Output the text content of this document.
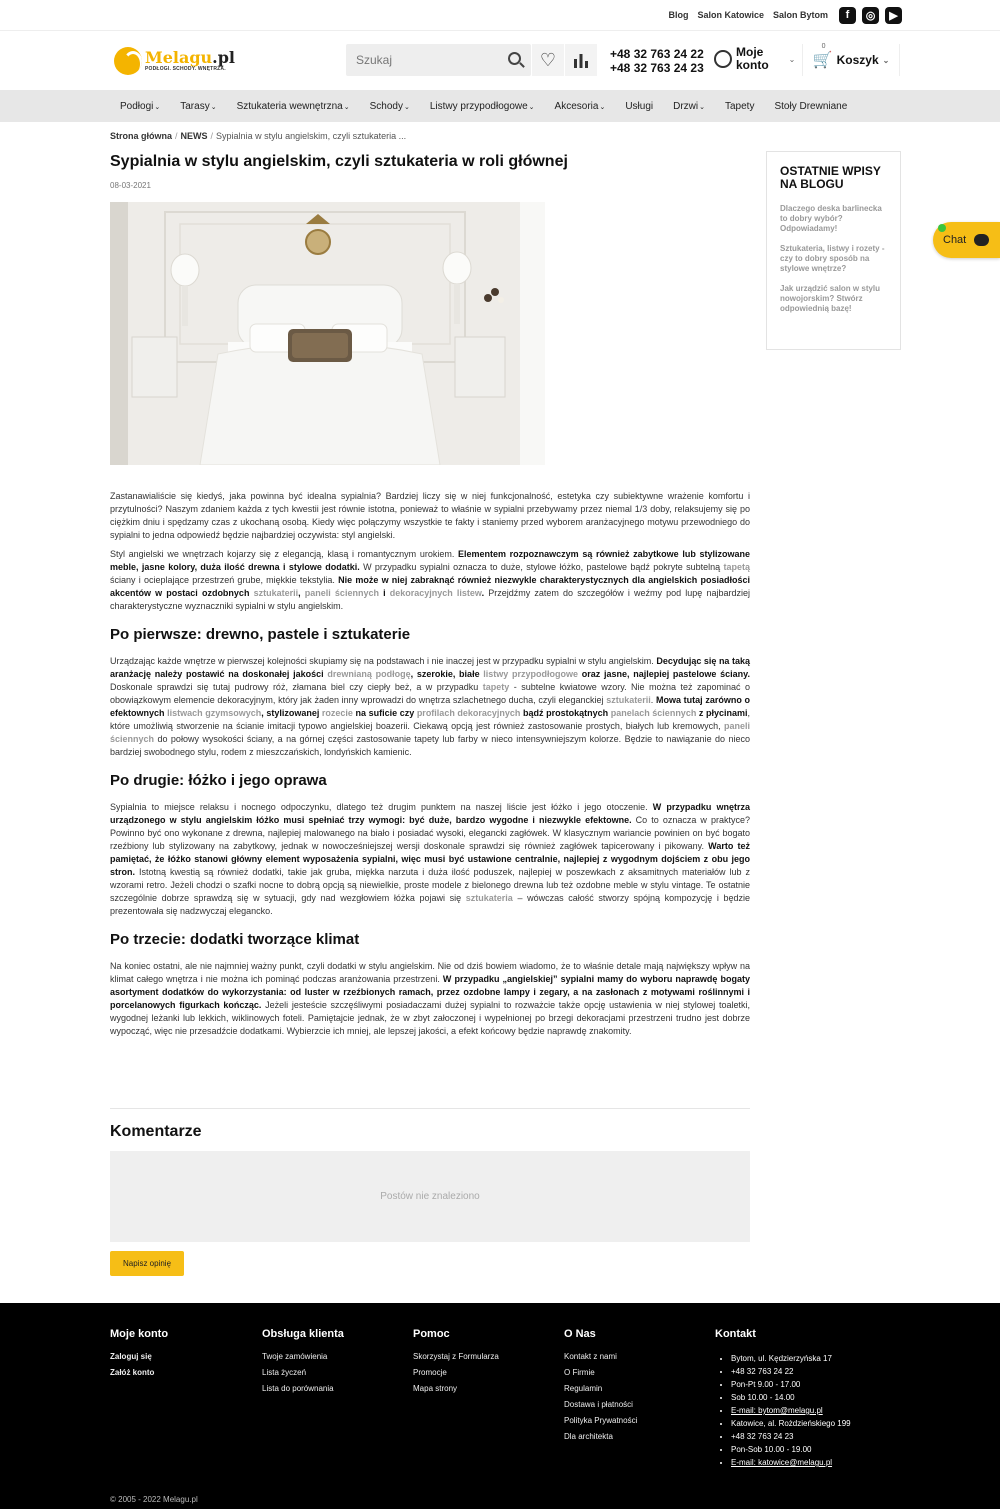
Blog Salon Katowice Salon Bytom	f	◎	▶
Melagu.pl
PODŁOGI. SCHODY. WNĘTRZA.
Szukaj	♡	+48 32 763 24 22
+48 32 763 24 23
Moje
konto	⌄ 🛒
0
Koszyk ⌄
Podłogi⌄ Tarasy⌄ Sztukateria wewnętrzna⌄ Schody⌄ Listwy przypodłogowe⌄ Akcesoria⌄ Usługi Drzwi⌄ Tapety Stoły Drewniane
Strona główna / NEWS / Sypialnia w stylu angielskim, czyli sztukateria ...
Sypialnia w stylu angielskim, czyli sztukateria w roli głównej
08-03-2021

Zastanawialiście się kiedyś, jaka powinna być idealna sypialnia? Bardziej liczy się w niej funkcjonalność, estetyka czy subiektywne wrażenie komfortu i przytulności? Naszym zdaniem każda z tych kwestii jest równie istotna, ponieważ to właśnie w sypialni przebywamy przez niemal 1/3 doby, relaksujemy się po ciężkim dniu i spędzamy czas z ukochaną osobą. Kiedy więc połączymy wszystkie te fakty i staniemy przed wyborem aranżacyjnego motywu przewodniego do sypialni to jedna odpowiedź będzie najbardziej oczywista: styl angielski.

Styl angielski we wnętrzach kojarzy się z elegancją, klasą i romantycznym urokiem. Elementem rozpoznawczym są również zabytkowe lub stylizowane meble, jasne kolory, duża ilość drewna i stylowe dodatki. W przypadku sypialni oznacza to duże, stylowe łóżko, pastelowe bądź pokryte subtelną tapetą ściany i ocieplające przestrzeń grube, miękkie tekstylia. Nie może w niej zabraknąć również niezwykle charakterystycznych dla angielskich posiadłości akcentów w postaci ozdobnych sztukaterii, paneli ściennych i dekoracyjnych listew. Przejdźmy zatem do szczegółów i weźmy pod lupę najbardziej charakterystyczne wyznaczniki sypialni w stylu angielskim.

Po pierwsze: drewno, pastele i sztukaterie

Urządzając każde wnętrze w pierwszej kolejności skupiamy się na podstawach i nie inaczej jest w przypadku sypialni w stylu angielskim. Decydując się na taką aranżację należy postawić na doskonałej jakości drewnianą podłogę, szerokie, białe listwy przypodłogowe oraz jasne, najlepiej pastelowe ściany. Doskonale sprawdzi się tutaj pudrowy róż, złamana biel czy ciepły beż, a w przypadku tapety - subtelne kwiatowe wzory. Nie można też zapominać o obowiązkowym elemencie dekoracyjnym, który jak żaden inny wprowadzi do wnętrza szlachetnego ducha, czyli eleganckiej sztukaterii. Mowa tutaj zarówno o efektownych listwach gzymsowych, stylizowanej rozecie na suficie czy profilach dekoracyjnych bądź prostokątnych panelach ściennych z płycinami, które umożliwią stworzenie na ścianie imitacji typowo angielskiej boazerii. Ciekawą opcją jest również zastosowanie prostych, białych lub kremowych, paneli ściennych do połowy wysokości ściany, a na górnej części zastosowanie tapety lub farby w nieco intensywniejszym kolorze. Będzie to nawiązanie do nieco bardziej swobodnego stylu, rodem z mieszczańskich, londyńskich kamienic.

Po drugie: łóżko i jego oprawa

Sypialnia to miejsce relaksu i nocnego odpoczynku, dlatego też drugim punktem na naszej liście jest łóżko i jego otoczenie. W przypadku wnętrza urządzonego w stylu angielskim łóżko musi spełniać trzy wymogi: być duże, bardzo wygodne i niezwykle efektowne. Co to oznacza w praktyce? Powinno być ono wykonane z drewna, najlepiej malowanego na biało i posiadać wysoki, elegancki zagłówek. W klasycznym wariancie powinien on być bogato rzeźbiony lub stylizowany na zabytkowy, jednak w nowocześniejszej wersji doskonale sprawdzi się również zagłówek tapicerowany i pikowany. Warto też pamiętać, że łóżko stanowi główny element wyposażenia sypialni, więc musi być ustawione centralnie, najlepiej z wygodnym dojściem z obu jego stron. Istotną kwestią są również dodatki, takie jak gruba, miękka narzuta i duża ilość poduszek, najlepiej w poszewkach z aksamitnych materiałów lub z wzorami retro. Jeżeli chodzi o szafki nocne to dobrą opcją są niewielkie, proste modele z bielonego drewna lub też ozdobne meble w stylu vintage. Te ostatnie szczególnie dobrze sprawdzą się w sytuacji, gdy nad wezgłowiem łóżka pojawi się sztukateria – wówczas całość stworzy spójną kompozycję i będzie prezentowała się nadzwyczaj elegancko.

Po trzecie: dodatki tworzące klimat

Na koniec ostatni, ale nie najmniej ważny punkt, czyli dodatki w stylu angielskim. Nie od dziś bowiem wiadomo, że to właśnie detale mają największy wpływ na klimat całego wnętrza i nie można ich pominąć podczas aranżowania przestrzeni. W przypadku „angielskiej” sypialni mamy do wyboru naprawdę bogaty asortyment dodatków do wykorzystania: od luster w rzeźbionych ramach, przez ozdobne lampy i zegary, a na zasłonach z motywami roślinnymi i porcelanowych figurkach kończąc. Jeżeli jesteście szczęśliwymi posiadaczami dużej sypialni to rozważcie także opcję ustawienia w niej stylowej toaletki, wygodnej leżanki lub lekkich, wiklinowych foteli. Pamiętajcie jednak, że w zbyt załoczonej i wypełnionej po brzegi dekoracjami przestrzeni trudno jest dobrze wypocząć, więc nie przesadźcie dodatkami. Wybierzcie ich mniej, ale lepszej jakości, a efekt końcowy będzie naprawdę znakomity.

Komentarze
Postów nie znaleziono
Napisz opinię
OSTATNIE WPISY NA BLOGU
Dlaczego deska barlinecka to dobry wybór? Odpowiadamy!
Sztukateria, listwy i rozety - czy to dobry sposób na stylowe wnętrze?
Jak urządzić salon w stylu nowojorskim? Stwórz odpowiednią bazę!
Chat
Moje konto
Zaloguj się
Załóż konto
Obsługa klienta
Twoje zamówienia
Lista życzeń
Lista do porównania
Pomoc
Skorzystaj z Formularza
Promocje
Mapa strony
O Nas
Kontakt z nami
O Firmie
Regulamin
Dostawa i płatności
Polityka Prywatności
Dla architekta
Kontakt
• Bytom, ul. Kędzierzyńska 17
• +48 32 763 24 22
• Pon-Pt 9.00 - 17.00
• Sob 10.00 - 14.00
• E-mail: bytom@melagu.pl
• Katowice, al. Rożdzieńskiego 199
• +48 32 763 24 23
• Pon-Sob 10.00 - 19.00
• E-mail: katowice@melagu.pl
© 2005 - 2022 Melagu.pl
